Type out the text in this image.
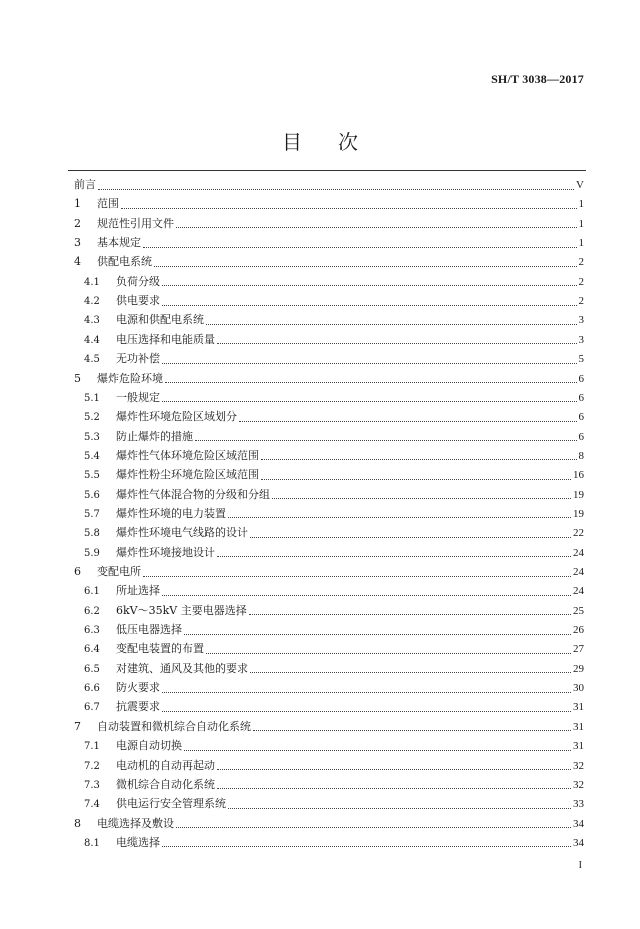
SH/T 3038—2017
目次
前言	V
1	范围	1
2	规范性引用文件	1
3	基本规定	1
4	供配电系统	2
4.1	负荷分级	2
4.2	供电要求	2
4.3	电源和供配电系统	3
4.4	电压选择和电能质量	3
4.5	无功补偿	5
5	爆炸危险环境	6
5.1	一般规定	6
5.2	爆炸性环境危险区域划分	6
5.3	防止爆炸的措施	6
5.4	爆炸性气体环境危险区域范围	8
5.5	爆炸性粉尘环境危险区域范围	16
5.6	爆炸性气体混合物的分级和分组	19
5.7	爆炸性环境的电力装置	19
5.8	爆炸性环境电气线路的设计	22
5.9	爆炸性环境接地设计	24
6	变配电所	24
6.1	所址选择	24
6.2	6kV～35kV 主要电器选择	25
6.3	低压电器选择	26
6.4	变配电装置的布置	27
6.5	对建筑、通风及其他的要求	29
6.6	防火要求	30
6.7	抗震要求	31
7	自动装置和微机综合自动化系统	31
7.1	电源自动切换	31
7.2	电动机的自动再起动	32
7.3	微机综合自动化系统	32
7.4	供电运行安全管理系统	33
8	电缆选择及敷设	34
8.1	电缆选择	34
I
